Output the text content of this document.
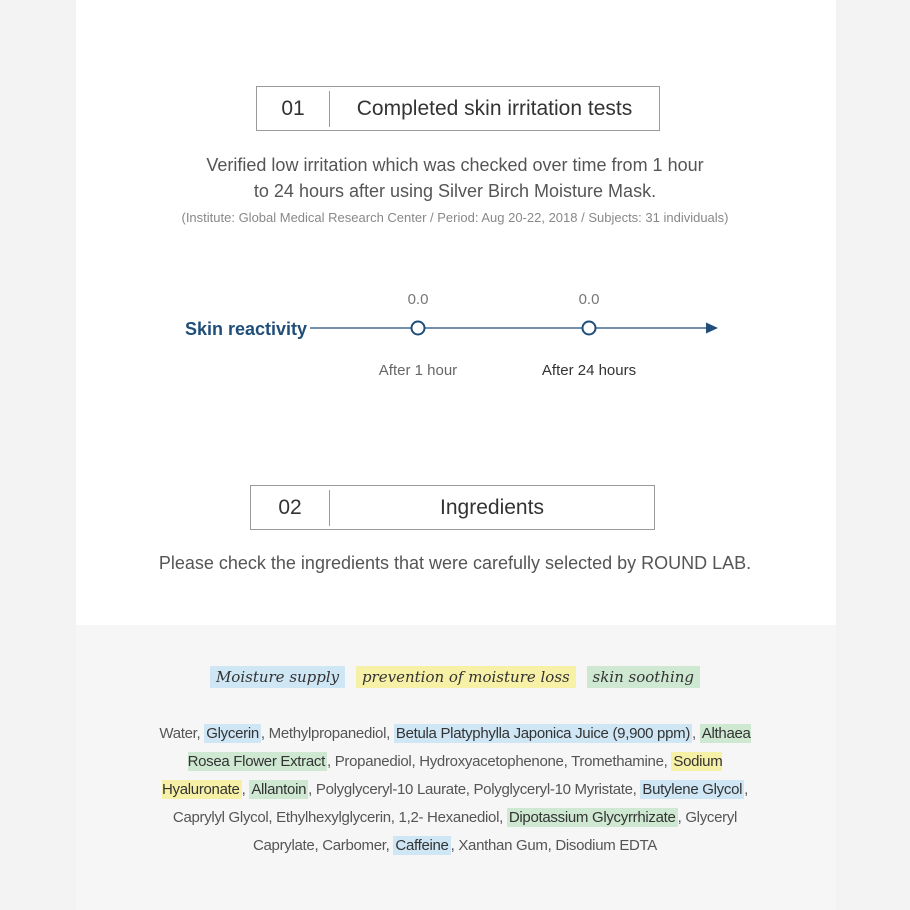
01	Completed skin irritation tests
Verified low irritation which was checked over time from 1 hour
to 24 hours after using Silver Birch Moisture Mask.
(Institute: Global Medical Research Center / Period: Aug 20-22, 2018 / Subjects: 31 individuals)
Skin reactivity
0.0	0.0
After 1 hour	After 24 hours
02	Ingredients
Please check the ingredients that were carefully selected by ROUND LAB.
Moisture supply prevention of moisture loss skin soothing
Water, Glycerin , Methylpropanediol, Betula Platyphylla Japonica Juice (9,900 ppm) , Althaea Rosea Flower Extract , Propanediol, Hydroxyacetophenone, Tromethamine, Sodium Hyaluronate , Allantoin , Polyglyceryl-10 Laurate, Polyglyceryl-10 Myristate, Butylene Glycol , Caprylyl Glycol, Ethylhexylglycerin, 1,2- Hexanediol, Dipotassium Glycyrrhizate , Glyceryl Caprylate, Carbomer, Caffeine , Xanthan Gum, Disodium EDTA
